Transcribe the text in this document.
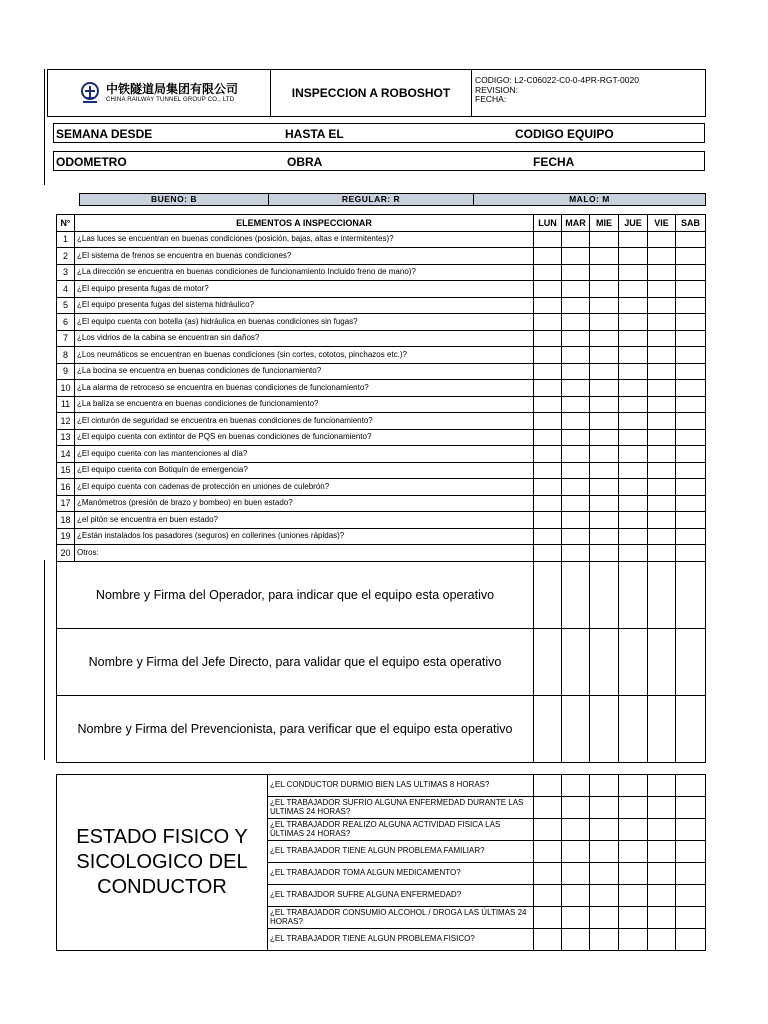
中铁隧道局集团有限公司
CHINA RAILWAY TUNNEL GROUP CO., LTD	INSPECCION A ROBOSHOT	
CODIGO: L2-C06022-C0-0-4PR-RGT-0020
REVISION:
FECHA:
SEMANA DESDE	HASTA EL	CODIGO EQUIPO
ODOMETRO	OBRA	FECHA
BUENO: B	REGULAR: R	MALO: M
N°	ELEMENTOS A INSPECCIONAR	LUN	MAR	MIE	JUE	VIE	SAB
1	¿Las luces se encuentran en buenas condiciones (posición, bajas, altas e intermitentes)?						
2	¿El sistema de frenos se encuentra en buenas condiciones?						
3	¿La dirección se encuentra en buenas condiciones de funcionamiento Incluido freno de mano)?						
4	¿El equipo presenta fugas de motor?						
5	¿El equipo presenta fugas del sistema hidráulico?						
6	¿El equipo cuenta con botella (as) hidráulica en buenas condiciones sin fugas?						
7	¿Los vidrios de la cabina se encuentran sin daños?						
8	¿Los neumáticos se encuentran en buenas condiciones (sin cortes, cototos, pinchazos etc.)?						
9	¿La bocina se encuentra en buenas condiciones de funcionamiento?						
10	¿La alarma de retroceso se encuentra en buenas condiciones de funcionamiento?						
11	¿La baliza se encuentra en buenas condiciones de funcionamiento?						
12	¿El cinturón de seguridad se encuentra en buenas condiciones de funcionamiento?						
13	¿El equipo cuenta con extintor de PQS en buenas condiciones de funcionamiento?						
14	¿El equipo cuenta con las mantenciones al día?						
15	¿El equipo cuenta con Botiquín de emergencia?						
16	¿El equipo cuenta con cadenas de protección en uniones de culebrón?						
17	¿Manómetros (presión de brazo y bombeo) en buen estado?						
18	¿el pitón se encuentra en buen estado?						
19	¿Están instalados los pasadores (seguros) en collerines (uniones rápidas)?						
20	Otros:						
Nombre y Firma del Operador, para indicar que el equipo esta operativo							
Nombre y Firma del Jefe Directo, para validar que el equipo esta operativo							
Nombre y Firma del Prevencionista, para verificar que el equipo esta operativo							
ESTADO FISICO Y SICOLOGICO DEL CONDUCTOR	¿EL CONDUCTOR DURMIO BIEN LAS ULTIMAS 8 HORAS?						
	¿EL TRABAJADOR SUFRIO ALGUNA ENFERMEDAD DURANTE LAS ULTIMAS 24 HORAS?						
	¿EL TRABAJADOR REALIZO ALGUNA ACTIVIDAD FISICA LAS ÚLTIMAS 24 HORAS?						
	¿EL TRABAJADOR TIENE ALGUN PROBLEMA FAMILIAR?						
	¿EL TRABAJADOR TOMA ALGUN MEDICAMENTO?						
	¿EL TRABAJDOR SUFRE ALGUNA ENFERMEDAD?						
	¿EL TRABAJADOR CONSUMIO ALCOHOL / DROGA LAS ÚLTIMAS 24 HORAS?						
	¿EL TRABAJADOR TIENE ALGUN PROBLEMA FISICO?						
